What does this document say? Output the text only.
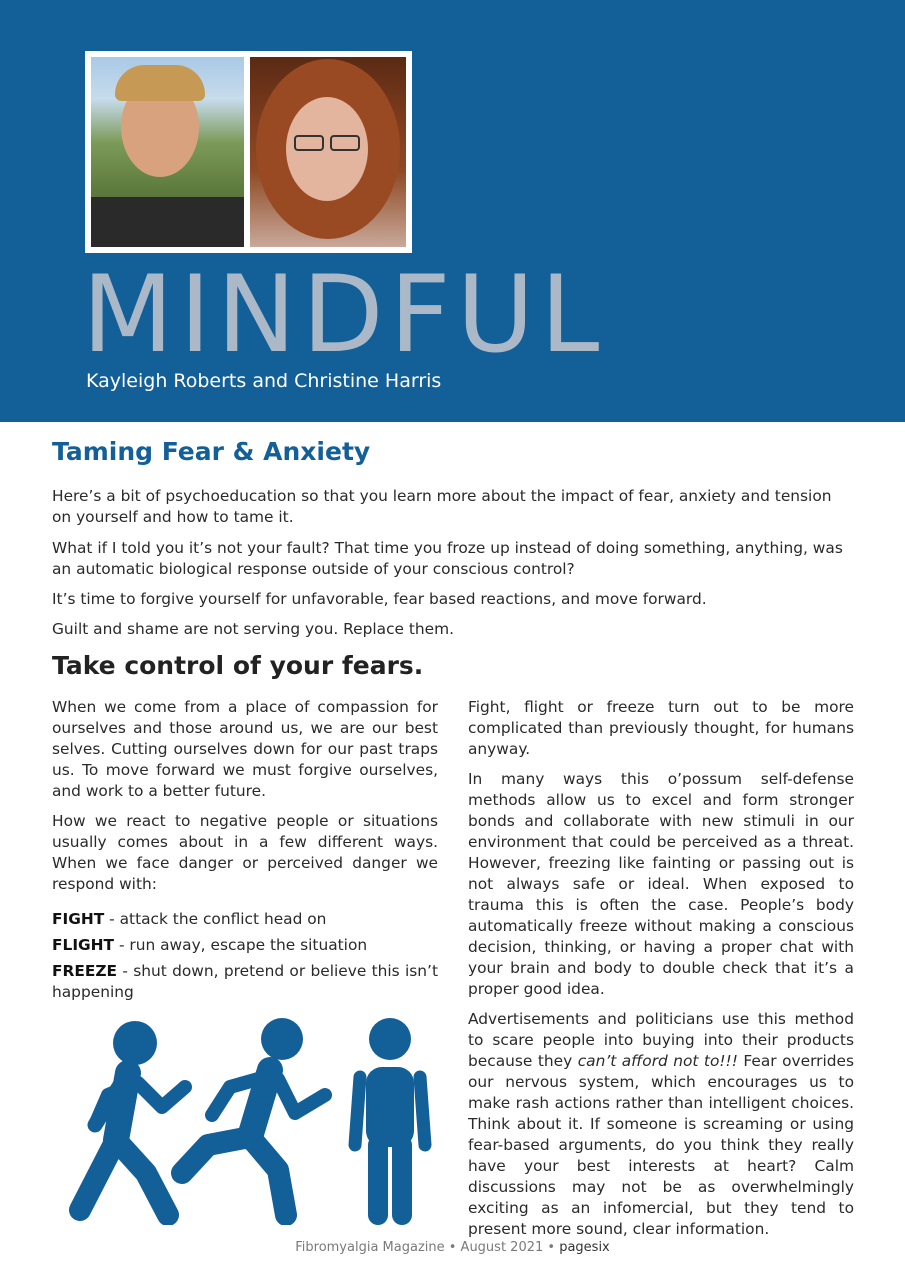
MINDFUL
Kayleigh Roberts and Christine Harris
Taming Fear & Anxiety

Here’s a bit of psychoeducation so that you learn more about the impact of fear, anxiety and tension on yourself and how to tame it.

What if I told you it’s not your fault? That time you froze up instead of doing something, anything, was an automatic biological response outside of your conscious control?

It’s time to forgive yourself for unfavorable, fear based reactions, and move forward.

Guilt and shame are not serving you. Replace them.

Take control of your fears.

When we come from a place of compassion for ourselves and those around us, we are our best selves. Cutting ourselves down for our past traps us. To move forward we must forgive ourselves, and work to a better future.

How we react to negative people or situations usually comes about in a few different ways. When we face danger or perceived danger we respond with:

FIGHT - attack the conflict head on

FLIGHT - run away, escape the situation

FREEZE - shut down, pretend or believe this isn’t happening

Fight, flight or freeze turn out to be more complicated than previously thought, for humans anyway.

In many ways this o’possum self-defense methods allow us to excel and form stronger bonds and collaborate with new stimuli in our environment that could be perceived as a threat. However, freezing like fainting or passing out is not always safe or ideal. When exposed to trauma this is often the case. People’s body automatically freeze without making a conscious decision, thinking, or having a proper chat with your brain and body to double check that it’s a proper good idea.

Advertisements and politicians use this method to scare people into buying into their products because they can’t afford not to!!! Fear overrides our nervous system, which encourages us to make rash actions rather than intelligent choices. Think about it. If someone is screaming or using fear-based arguments, do you think they really have your best interests at heart? Calm discussions may not be as overwhelmingly exciting as an infomercial, but they tend to present more sound, clear information.

Fibromyalgia Magazine • August 2021 • pagesix
